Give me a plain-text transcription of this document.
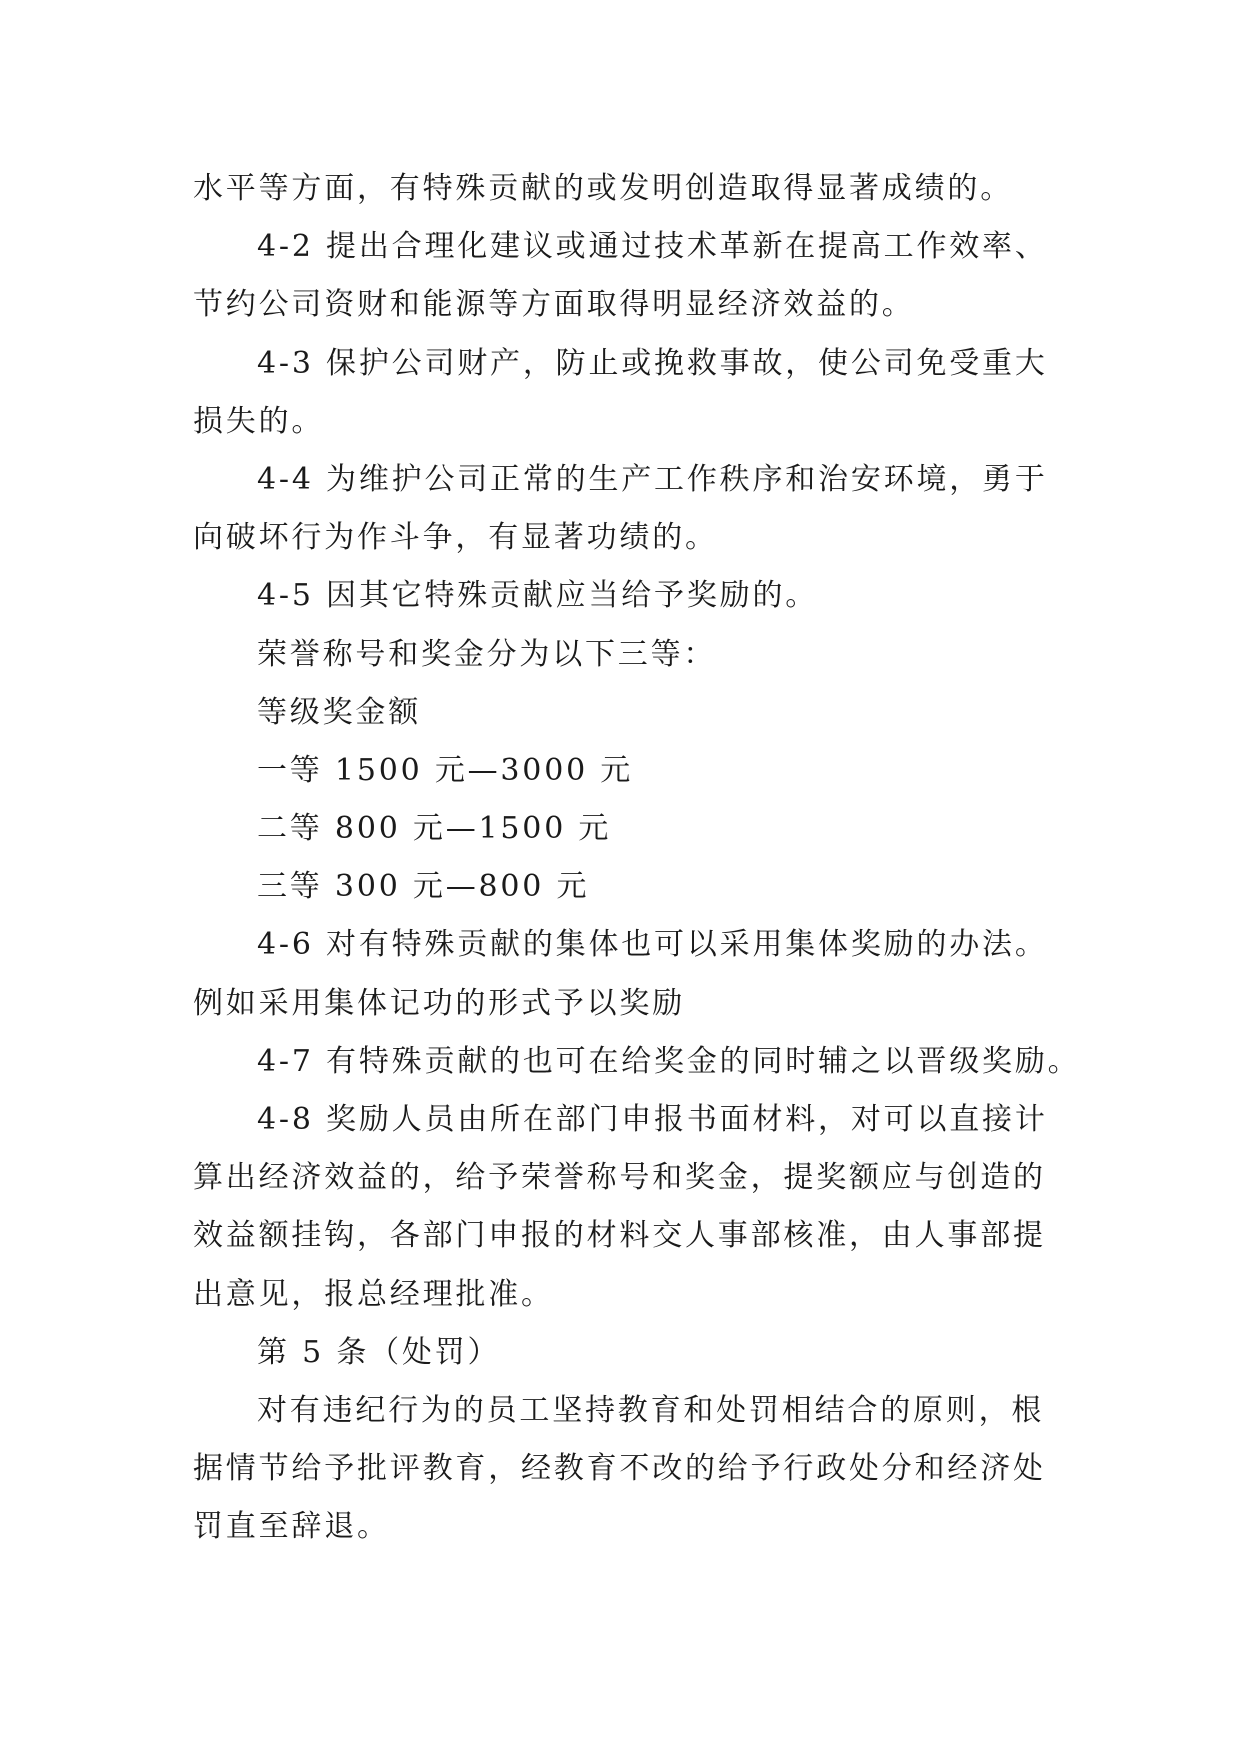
水平等方面，有特殊贡献的或发明创造取得显著成绩的。
4-2 提出合理化建议或通过技术革新在提高工作效率、
节约公司资财和能源等方面取得明显经济效益的。
4-3 保护公司财产，防止或挽救事故，使公司免受重大
损失的。
4-4 为维护公司正常的生产工作秩序和治安环境，勇于
向破坏行为作斗争，有显著功绩的。
4-5 因其它特殊贡献应当给予奖励的。
荣誉称号和奖金分为以下三等：
等级奖金额
一等 1500 元—3000 元
二等 800 元—1500 元
三等 300 元—800 元
4-6 对有特殊贡献的集体也可以采用集体奖励的办法。
例如采用集体记功的形式予以奖励
4-7 有特殊贡献的也可在给奖金的同时辅之以晋级奖励。
4-8 奖励人员由所在部门申报书面材料，对可以直接计
算出经济效益的，给予荣誉称号和奖金，提奖额应与创造的
效益额挂钩，各部门申报的材料交人事部核准，由人事部提
出意见，报总经理批准。
第 5 条（处罚）
对有违纪行为的员工坚持教育和处罚相结合的原则，根
据情节给予批评教育，经教育不改的给予行政处分和经济处
罚直至辞退。
